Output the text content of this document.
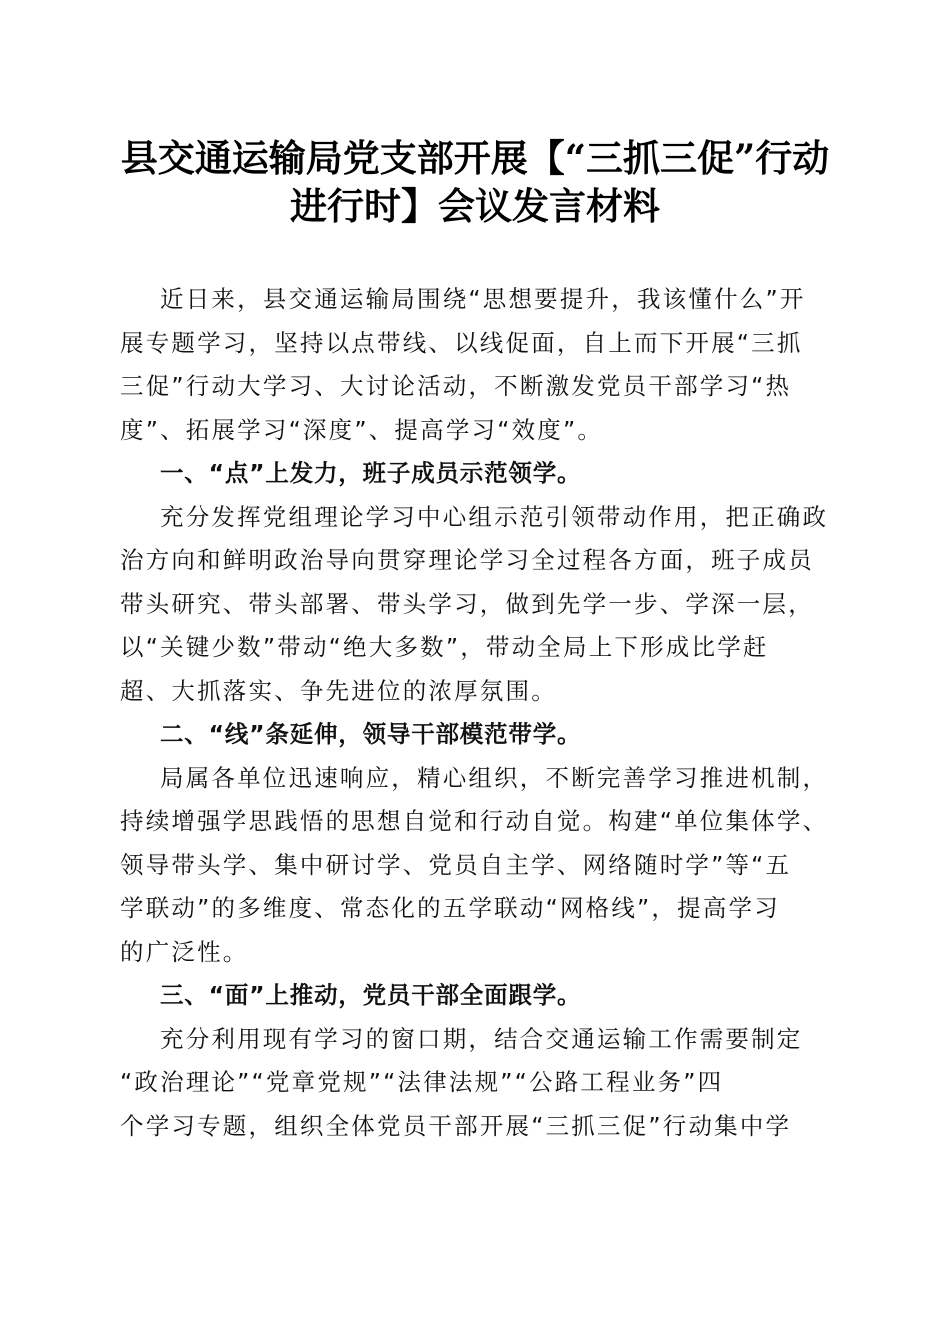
县交通运输局党支部开展【“三抓三促”行动
进行时】会议发言材料
近日来，县交通运输局围绕“思想要提升，我该懂什么”开
展专题学习，坚持以点带线、以线促面，自上而下开展“三抓
三促”行动大学习、大讨论活动，不断激发党员干部学习“热
度”、拓展学习“深度”、提高学习“效度”。
一、“点”上发力，班子成员示范领学。
充分发挥党组理论学习中心组示范引领带动作用，把正确政
治方向和鲜明政治导向贯穿理论学习全过程各方面，班子成员
带头研究、带头部署、带头学习，做到先学一步、学深一层，
以“关键少数”带动“绝大多数”，带动全局上下形成比学赶
超、大抓落实、争先进位的浓厚氛围。
二、“线”条延伸，领导干部模范带学。
局属各单位迅速响应，精心组织，不断完善学习推进机制，
持续增强学思践悟的思想自觉和行动自觉。构建“单位集体学、
领导带头学、集中研讨学、党员自主学、网络随时学”等“五
学联动”的多维度、常态化的五学联动“网格线”，提高学习
的广泛性。
三、“面”上推动，党员干部全面跟学。
充分利用现有学习的窗口期，结合交通运输工作需要制定
“政治理论”“党章党规”“法律法规”“公路工程业务”四
个学习专题，组织全体党员干部开展“三抓三促”行动集中学
